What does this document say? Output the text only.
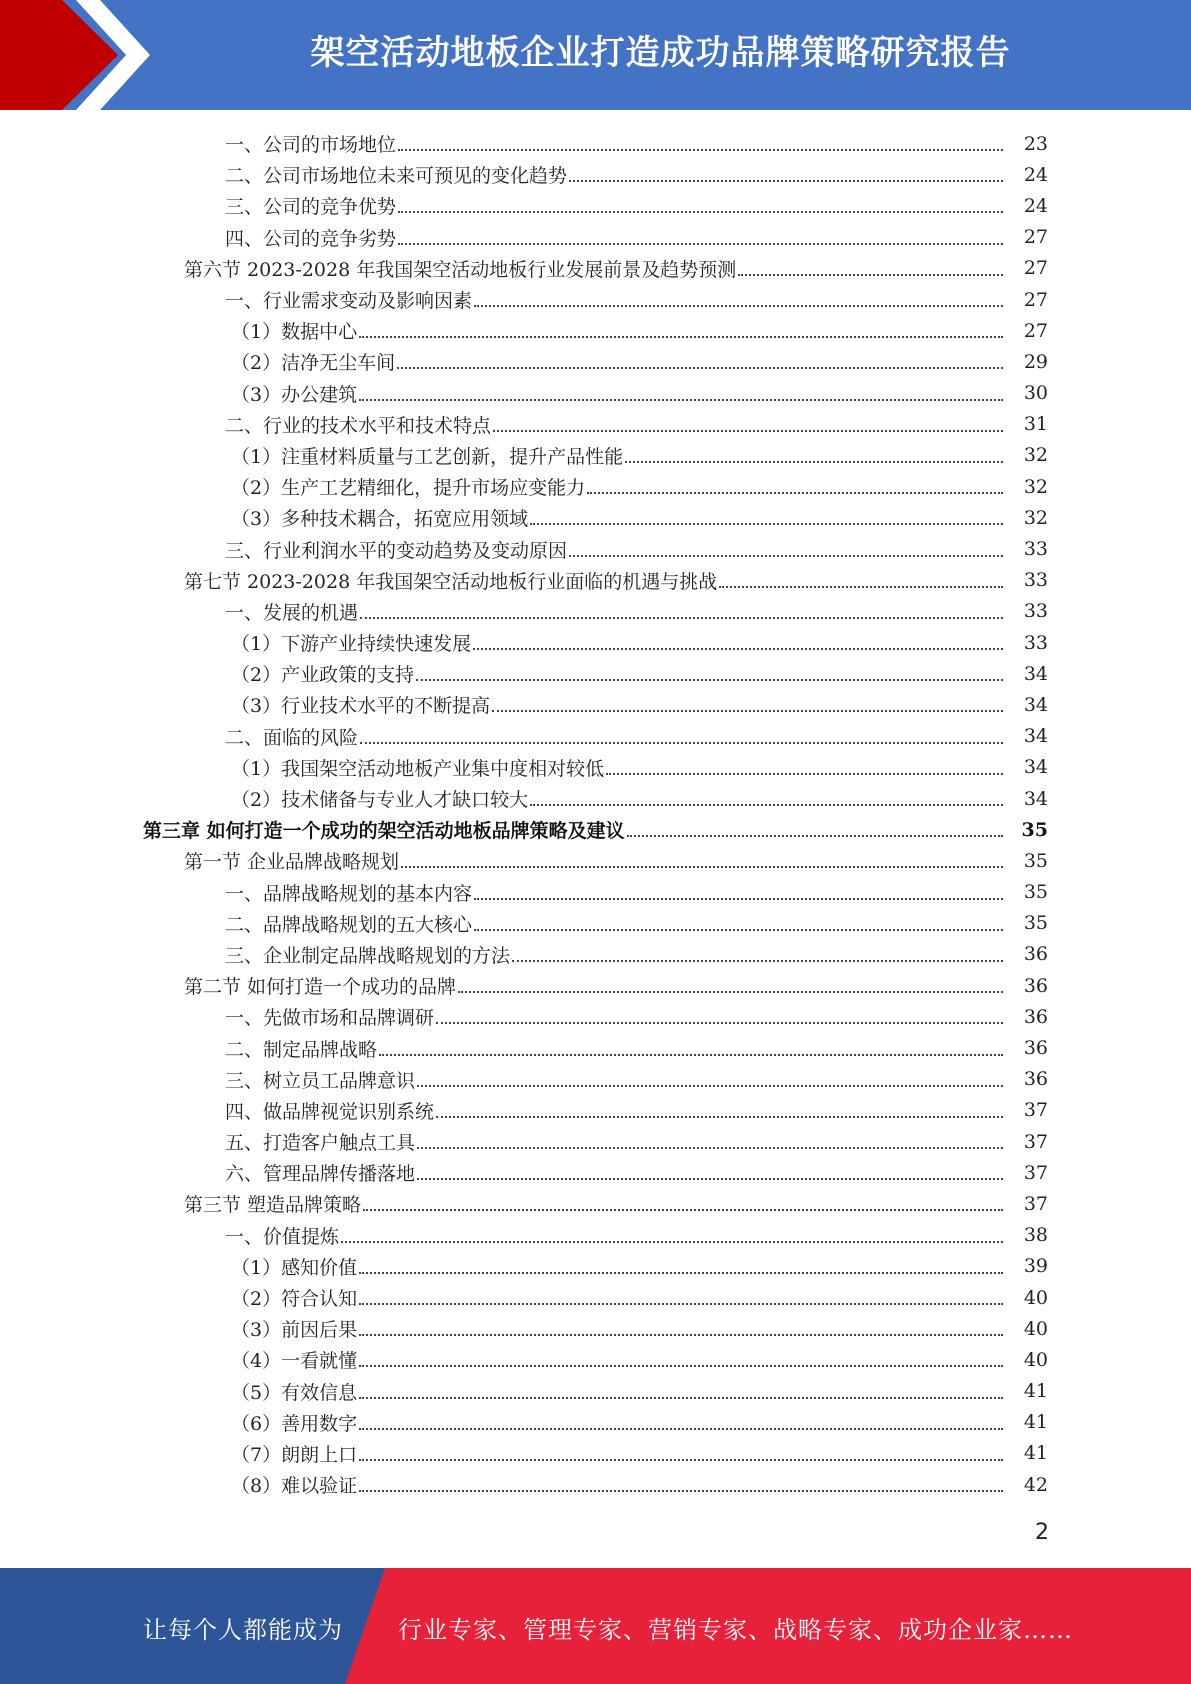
架空活动地板企业打造成功品牌策略研究报告
一、公司的市场地位	23
二、公司市场地位未来可预见的变化趋势	24
三、公司的竞争优势	24
四、公司的竞争劣势	27
第六节 2023-2028 年我国架空活动地板行业发展前景及趋势预测	27
一、行业需求变动及影响因素	27
（1）数据中心	27
（2）洁净无尘车间	29
（3）办公建筑	30
二、行业的技术水平和技术特点	31
（1）注重材料质量与工艺创新，提升产品性能	32
（2）生产工艺精细化，提升市场应变能力	32
（3）多种技术耦合，拓宽应用领域	32
三、行业利润水平的变动趋势及变动原因	33
第七节 2023-2028 年我国架空活动地板行业面临的机遇与挑战	33
一、发展的机遇	33
（1）下游产业持续快速发展	33
（2）产业政策的支持	34
（3）行业技术水平的不断提高	34
二、面临的风险	34
（1）我国架空活动地板产业集中度相对较低	34
（2）技术储备与专业人才缺口较大	34
第三章 如何打造一个成功的架空活动地板品牌策略及建议	35
第一节 企业品牌战略规划	35
一、品牌战略规划的基本内容	35
二、品牌战略规划的五大核心	35
三、企业制定品牌战略规划的方法	36
第二节 如何打造一个成功的品牌	36
一、先做市场和品牌调研	36
二、制定品牌战略	36
三、树立员工品牌意识	36
四、做品牌视觉识别系统	37
五、打造客户触点工具	37
六、管理品牌传播落地	37
第三节 塑造品牌策略	37
一、价值提炼	38
（1）感知价值	39
（2）符合认知	40
（3）前因后果	40
（4）一看就懂	40
（5）有效信息	41
（6）善用数字	41
（7）朗朗上口	41
（8）难以验证	42
2
让每个人都能成为 行业专家、管理专家、营销专家、战略专家、成功企业家……
